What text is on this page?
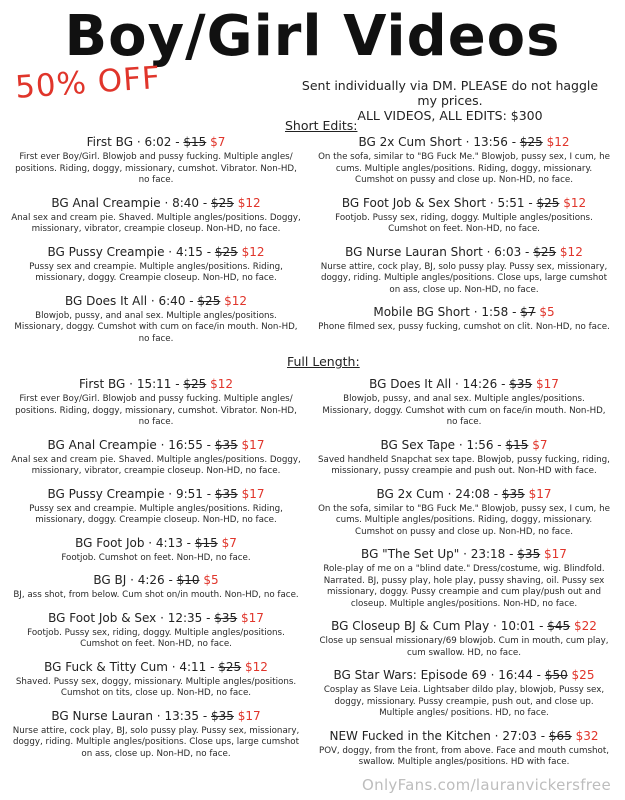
Boy/Girl Videos
50% OFF	Sent individually via DM. PLEASE do not haggle my prices.
ALL VIDEOS, ALL EDITS: $300
Short Edits:
Full Length:
First BG · 6:02 - $15 $7
First ever Boy/Girl. Blowjob and pussy fucking. Multiple angles/ positions. Riding, doggy, missionary, cumshot. Vibrator. Non-HD, no face.
BG Anal Creampie · 8:40 - $25 $12
Anal sex and cream pie. Shaved. Multiple angles/positions. Doggy, missionary, vibrator, creampie closeup. Non-HD, no face.
BG Pussy Creampie · 4:15 - $25 $12
Pussy sex and creampie. Multiple angles/positions. Riding, missionary, doggy. Creampie closeup. Non-HD, no face.
BG Does It All · 6:40 - $25 $12
Blowjob, pussy, and anal sex. Multiple angles/positions. Missionary, doggy. Cumshot with cum on face/in mouth. Non-HD, no face.
BG 2x Cum Short · 13:56 - $25 $12
On the sofa, similar to "BG Fuck Me." Blowjob, pussy sex, I cum, he cums. Multiple angles/positions. Riding, doggy, missionary. Cumshot on pussy and close up. Non-HD, no face.
BG Foot Job & Sex Short · 5:51 - $25 $12
Footjob. Pussy sex, riding, doggy. Multiple angles/positions. Cumshot on feet. Non-HD, no face.
BG Nurse Lauran Short · 6:03 - $25 $12
Nurse attire, cock play, BJ, solo pussy play. Pussy sex, missionary, doggy, riding. Multiple angles/positions. Close ups, large cumshot on ass, close up. Non-HD, no face.
Mobile BG Short · 1:58 - $7 $5
Phone filmed sex, pussy fucking, cumshot on clit. Non-HD, no face.
First BG · 15:11 - $25 $12
First ever Boy/Girl. Blowjob and pussy fucking. Multiple angles/ positions. Riding, doggy, missionary, cumshot. Vibrator. Non-HD, no face.
BG Anal Creampie · 16:55 - $35 $17
Anal sex and cream pie. Shaved. Multiple angles/positions. Doggy, missionary, vibrator, creampie closeup. Non-HD, no face.
BG Pussy Creampie · 9:51 - $35 $17
Pussy sex and creampie. Multiple angles/positions. Riding, missionary, doggy. Creampie closeup. Non-HD, no face.
BG Foot Job · 4:13 - $15 $7
Footjob. Cumshot on feet. Non-HD, no face.
BG BJ · 4:26 - $10 $5
BJ, ass shot, from below. Cum shot on/in mouth. Non-HD, no face.
BG Foot Job & Sex · 12:35 - $35 $17
Footjob. Pussy sex, riding, doggy. Multiple angles/positions. Cumshot on feet. Non-HD, no face.
BG Fuck & Titty Cum · 4:11 - $25 $12
Shaved. Pussy sex, doggy, missionary. Multiple angles/positions. Cumshot on tits, close up. Non-HD, no face.
BG Nurse Lauran · 13:35 - $35 $17
Nurse attire, cock play, BJ, solo pussy play. Pussy sex, missionary, doggy, riding. Multiple angles/positions. Close ups, large cumshot on ass, close up. Non-HD, no face.
BG Does It All · 14:26 - $35 $17
Blowjob, pussy, and anal sex. Multiple angles/positions. Missionary, doggy. Cumshot with cum on face/in mouth. Non-HD, no face.
BG Sex Tape · 1:56 - $15 $7
Saved handheld Snapchat sex tape. Blowjob, pussy fucking, riding, missionary, pussy creampie and push out. Non-HD with face.
BG 2x Cum · 24:08 - $35 $17
On the sofa, similar to "BG Fuck Me." Blowjob, pussy sex, I cum, he cums. Multiple angles/positions. Riding, doggy, missionary. Cumshot on pussy and close up. Non-HD, no face.
BG "The Set Up" · 23:18 - $35 $17
Role-play of me on a "blind date." Dress/costume, wig. Blindfold. Narrated. BJ, pussy play, hole play, pussy shaving, oil. Pussy sex missionary, doggy. Pussy creampie and cum play/push out and closeup. Multiple angles/positions. Non-HD, no face.
BG Closeup BJ & Cum Play · 10:01 - $45 $22
Close up sensual missionary/69 blowjob. Cum in mouth, cum play, cum swallow. HD, no face.
BG Star Wars: Episode 69 · 16:44 - $50 $25
Cosplay as Slave Leia. Lightsaber dildo play, blowjob, Pussy sex, doggy, missionary. Pussy creampie, push out, and close up. Multiple angles/ positions. HD, no face.
NEW Fucked in the Kitchen · 27:03 - $65 $32
POV, doggy, from the front, from above. Face and mouth cumshot, swallow. Multiple angles/positions. HD with face.
OnlyFans.com/lauranvickersfree
